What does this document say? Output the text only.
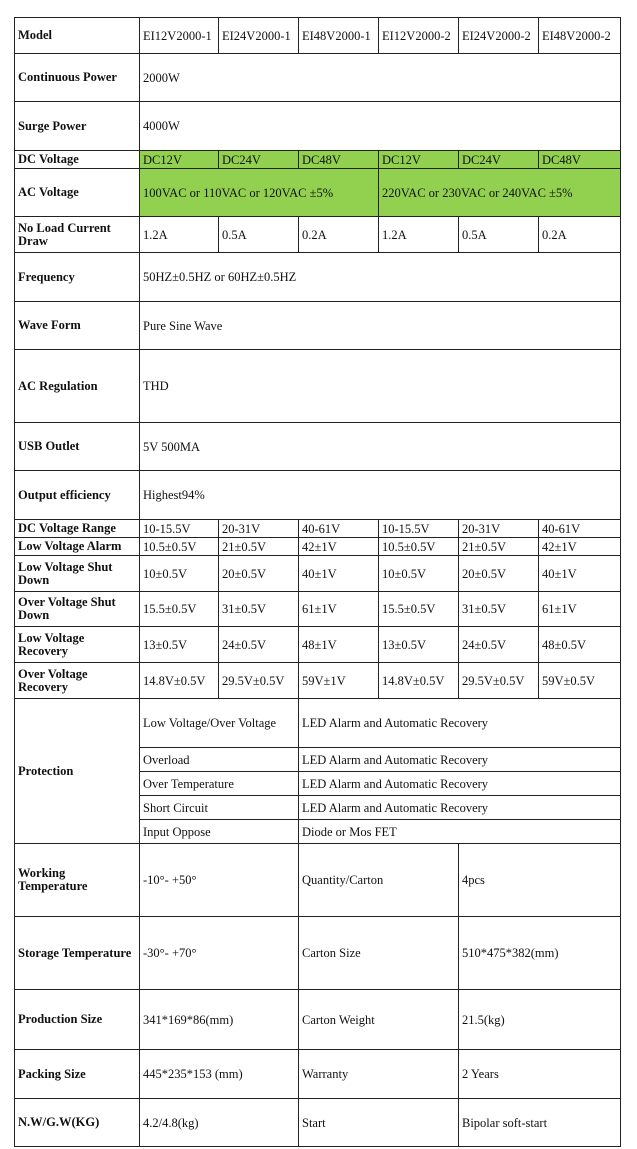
Model	EI12V2000-1	EI24V2000-1	EI48V2000-1	EI12V2000-2	EI24V2000-2	EI48V2000-2
Continuous Power	2000W					
Surge Power	4000W					
DC Voltage	DC12V	DC24V	DC48V	DC12V	DC24V	DC48V
AC Voltage	100VAC or 110VAC or 120VAC ±5%			220VAC or 230VAC or 240VAC ±5%		
No Load Current Draw	1.2A	0.5A	0.2A	1.2A	0.5A	0.2A
Frequency	50HZ±0.5HZ or 60HZ±0.5HZ					
Wave Form	Pure Sine Wave					
AC Regulation	THD					
USB Outlet	5V 500MA					
Output efficiency	Highest94%					
DC Voltage Range	10-15.5V	20-31V	40-61V	10-15.5V	20-31V	40-61V
Low Voltage Alarm	10.5±0.5V	21±0.5V	42±1V	10.5±0.5V	21±0.5V	42±1V
Low Voltage Shut Down	10±0.5V	20±0.5V	40±1V	10±0.5V	20±0.5V	40±1V
Over Voltage Shut Down	15.5±0.5V	31±0.5V	61±1V	15.5±0.5V	31±0.5V	61±1V
Low Voltage Recovery	13±0.5V	24±0.5V	48±1V	13±0.5V	24±0.5V	48±0.5V
Over Voltage Recovery	14.8V±0.5V	29.5V±0.5V	59V±1V	14.8V±0.5V	29.5V±0.5V	59V±0.5V
Protection	Low Voltage/Over Voltage		LED Alarm and Automatic Recovery			
	Overload		LED Alarm and Automatic Recovery			
	Over Temperature		LED Alarm and Automatic Recovery			
	Short Circuit		LED Alarm and Automatic Recovery			
	Input Oppose		Diode or Mos FET			
Working Temperature	-10°- +50°		Quantity/Carton		4pcs	
Storage Temperature	-30°- +70°		Carton Size		510*475*382(mm)	
Production Size	341*169*86(mm)		Carton Weight		21.5(kg)	
Packing Size	445*235*153 (mm)		Warranty		2 Years	
N.W/G.W(KG)	4.2/4.8(kg)		Start		Bipolar soft-start	
